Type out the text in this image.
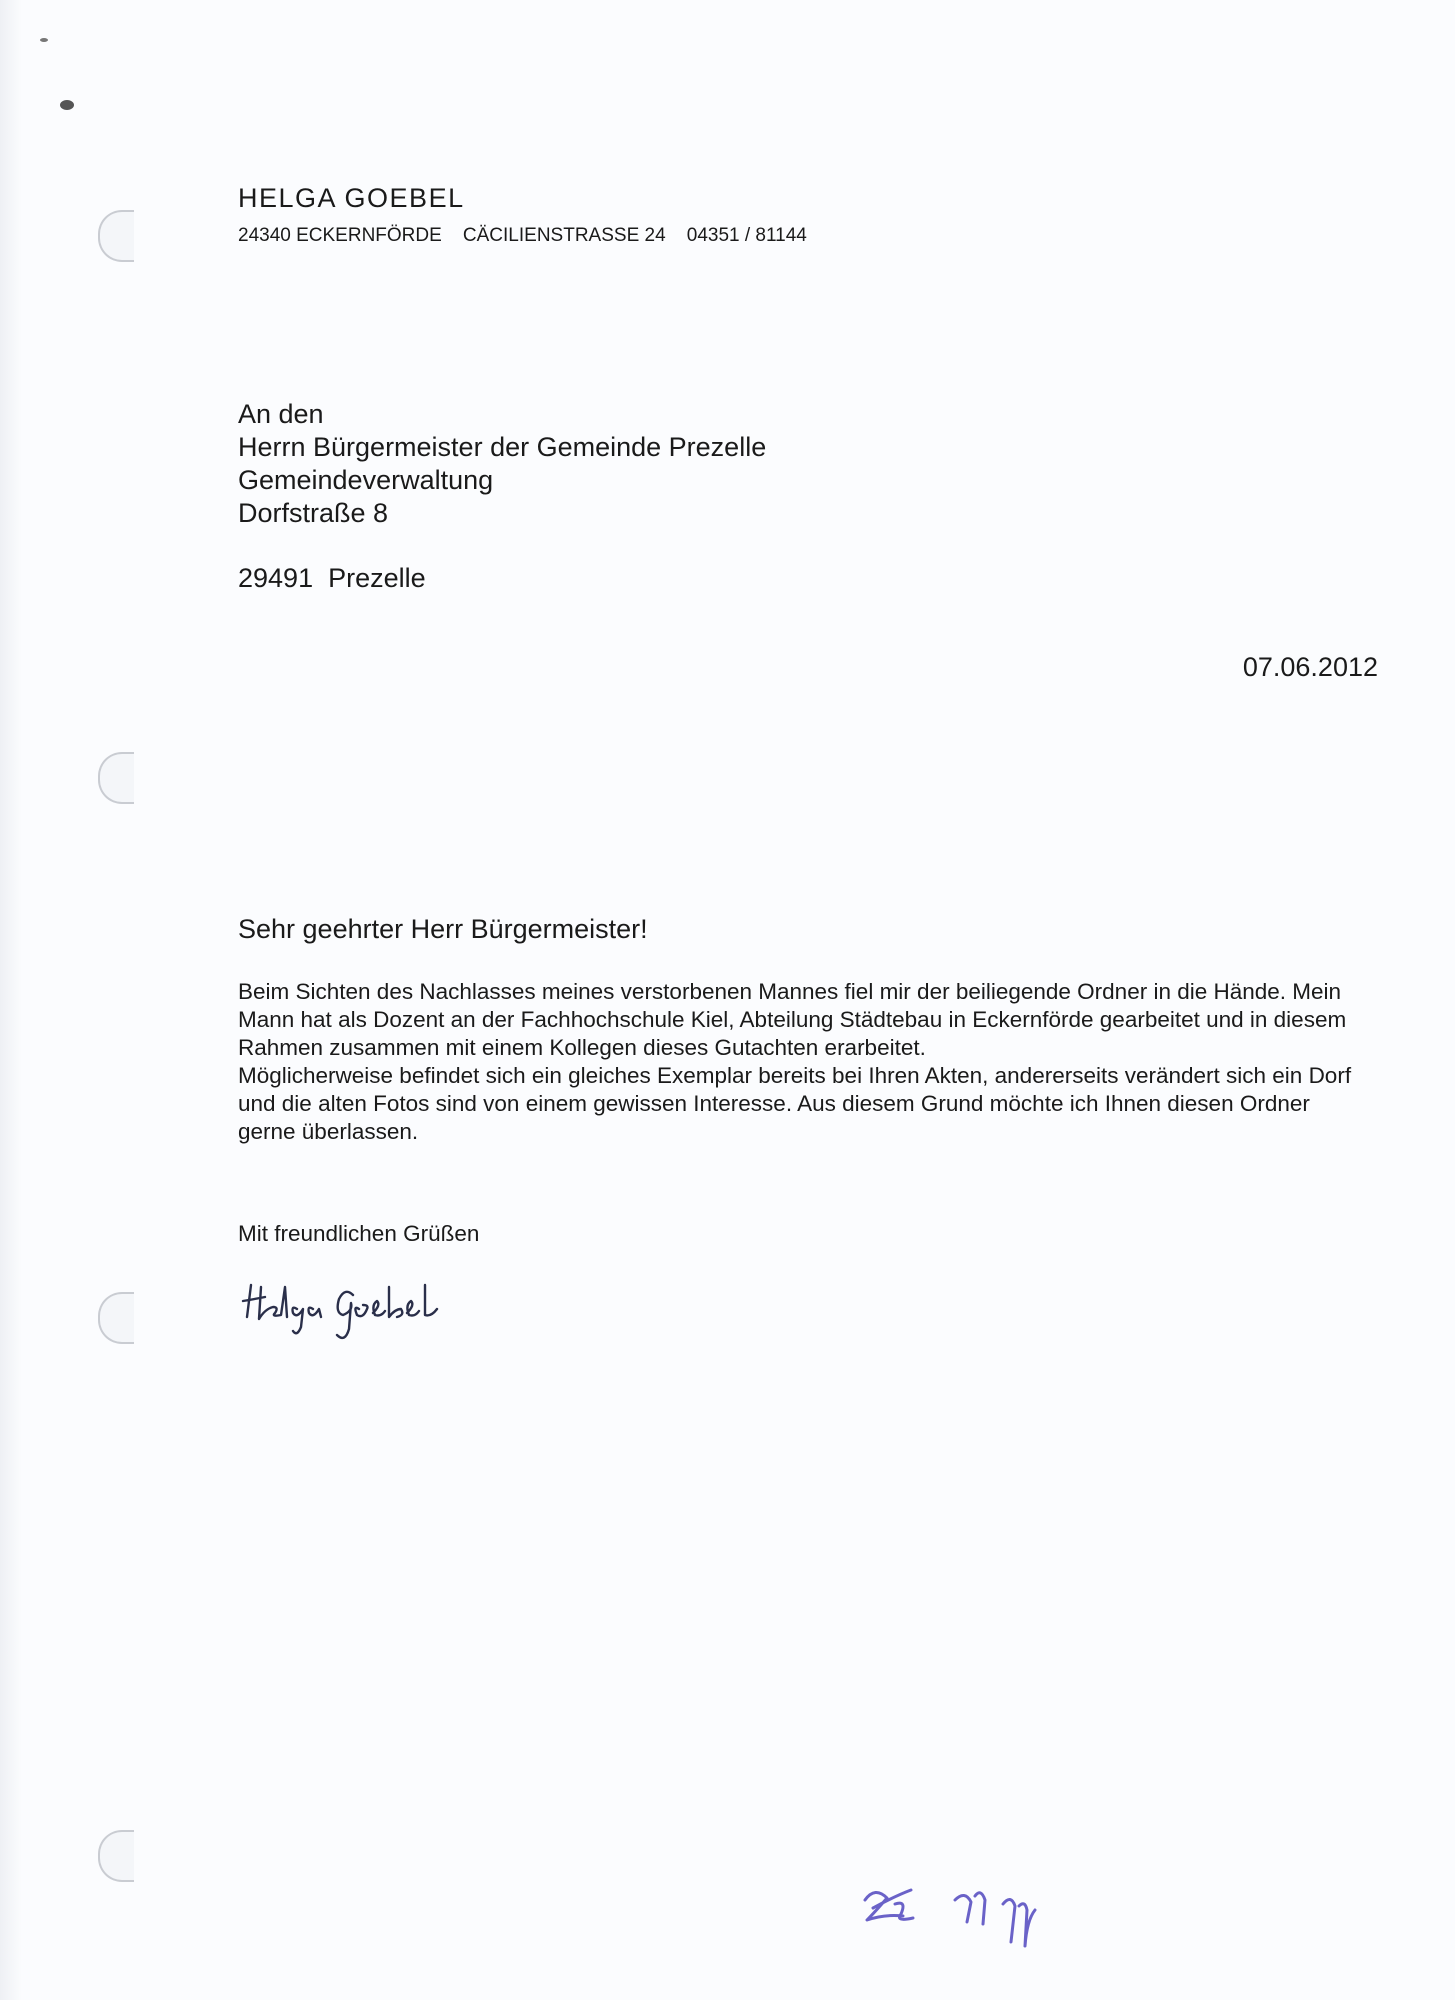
HELGA GOEBEL
24340 ECKERNFÖRDE    CÄCILIENSTRASSE 24    04351 / 81144
An den
Herrn Bürgermeister der Gemeinde Prezelle
Gemeindeverwaltung
Dorfstraße 8
29491  Prezelle
07.06.2012
Sehr geehrter Herr Bürgermeister!

Beim Sichten des Nachlasses meines verstorbenen Mannes fiel mir der beiliegende Ordner in die Hände. Mein Mann hat als Dozent an der Fachhochschule Kiel, Abteilung Städtebau in Eckernförde gearbeitet und in diesem Rahmen zusammen mit einem Kollegen dieses Gutachten erarbeitet.

Möglicherweise befindet sich ein gleiches Exemplar bereits bei Ihren Akten, andererseits verändert sich ein Dorf und die alten Fotos sind von einem gewissen Interesse. Aus diesem Grund möchte ich Ihnen diesen Ordner gerne überlassen.

Mit freundlichen Grüßen
